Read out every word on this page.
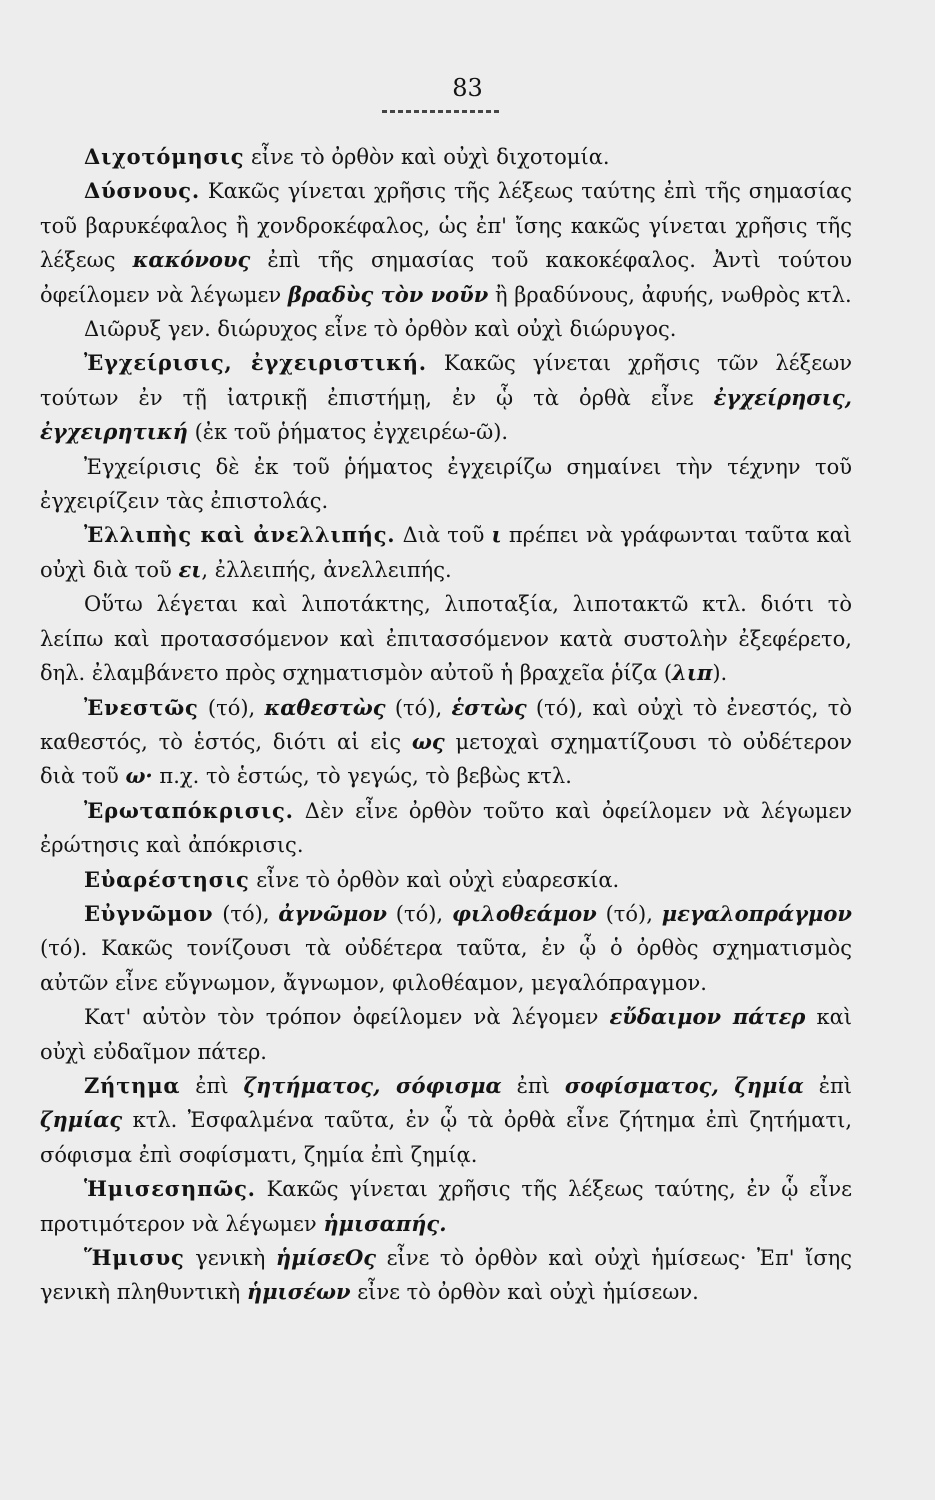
83

Διχοτόμησις εἶνε τὸ ὀρθὸν καὶ οὐχὶ διχοτομία.

Δύσνους. Κακῶς γίνεται χρῆσις τῆς λέξεως ταύτης ἐπὶ τῆς σημασίας τοῦ βαρυκέφαλος ἢ χονδροκέφαλος, ὡς ἐπ' ἴσης κακῶς γίνεται χρῆσις τῆς λέξεως κακόνους ἐπὶ τῆς σημασίας τοῦ κακοκέφαλος. Ἀντὶ τούτου ὀφείλομεν νὰ λέγωμεν βραδὺς τὸν νοῦν ἢ βραδύνους, ἀφυής, νωθρὸς κτλ.

Διῶρυξ γεν. διώρυχος εἶνε τὸ ὀρθὸν καὶ οὐχὶ διώρυγος.

Ἐγχείρισις, ἐγχειριστική. Κακῶς γίνεται χρῆσις τῶν λέξεων τούτων ἐν τῇ ἰατρικῇ ἐπιστήμῃ, ἐν ᾧ τὰ ὀρθὰ εἶνε ἐγχείρησις, ἐγχειρητική (ἐκ τοῦ ῥήματος ἐγχειρέω-ῶ).

Ἐγχείρισις δὲ ἐκ τοῦ ῥήματος ἐγχειρίζω σημαίνει τὴν τέχνην τοῦ ἐγχειρίζειν τὰς ἐπιστολάς.

Ἐλλιπὴς καὶ ἀνελλιπής. Διὰ τοῦ ι πρέπει νὰ γράφωνται ταῦτα καὶ οὐχὶ διὰ τοῦ ει, ἐλλειπής, ἀνελλειπής.

Οὕτω λέγεται καὶ λιποτάκτης, λιποταξία, λιποτακτῶ κτλ. διότι τὸ λείπω καὶ προτασσόμενον καὶ ἐπιτασσόμενον κατὰ συστολὴν ἐξεφέρετο, δηλ. ἐλαμβάνετο πρὸς σχηματισμὸν αὐτοῦ ἡ βραχεῖα ῥίζα (λιπ).

Ἐνεστῶς (τό), καθεστὼς (τό), ἑστὼς (τό), καὶ οὐχὶ τὸ ἐνεστός, τὸ καθεστός, τὸ ἑστός, διότι αἱ εἰς ως μετοχαὶ σχηματίζουσι τὸ οὐδέτερον διὰ τοῦ ω· π.χ. τὸ ἑστώς, τὸ γεγώς, τὸ βεβὼς κτλ.

Ἐρωταπόκρισις. Δὲν εἶνε ὀρθὸν τοῦτο καὶ ὀφείλομεν νὰ λέγωμεν ἐρώτησις καὶ ἀπόκρισις.

Εὐαρέστησις εἶνε τὸ ὀρθὸν καὶ οὐχὶ εὐαρεσκία.

Εὐγνῶμον (τό), ἀγνῶμον (τό), φιλοθεάμον (τό), μεγαλοπράγμον (τό). Κακῶς τονίζουσι τὰ οὐδέτερα ταῦτα, ἐν ᾧ ὁ ὀρθὸς σχηματισμὸς αὐτῶν εἶνε εὔγνωμον, ἄγνωμον, φιλοθέαμον, μεγαλόπραγμον.

Κατ' αὐτὸν τὸν τρόπον ὀφείλομεν νὰ λέγομεν εὔδαιμον πάτερ καὶ οὐχὶ εὐδαῖμον πάτερ.

Ζήτημα ἐπὶ ζητήματος, σόφισμα ἐπὶ σοφίσματος, ζημία ἐπὶ ζημίας κτλ. Ἐσφαλμένα ταῦτα, ἐν ᾧ τὰ ὀρθὰ εἶνε ζήτημα ἐπὶ ζητήματι, σόφισμα ἐπὶ σοφίσματι, ζημία ἐπὶ ζημίᾳ.

Ἡμισεσηπῶς. Κακῶς γίνεται χρῆσις τῆς λέξεως ταύτης, ἐν ᾧ εἶνε προτιμότερον νὰ λέγωμεν ἡμισαπής.

Ἥμισυς γενικὴ ἡμίσεΟς εἶνε τὸ ὀρθὸν καὶ οὐχὶ ἡμίσεως· Ἐπ' ἴσης γενικὴ πληθυντικὴ ἡμισέων εἶνε τὸ ὀρθὸν καὶ οὐχὶ ἡμίσεων.
